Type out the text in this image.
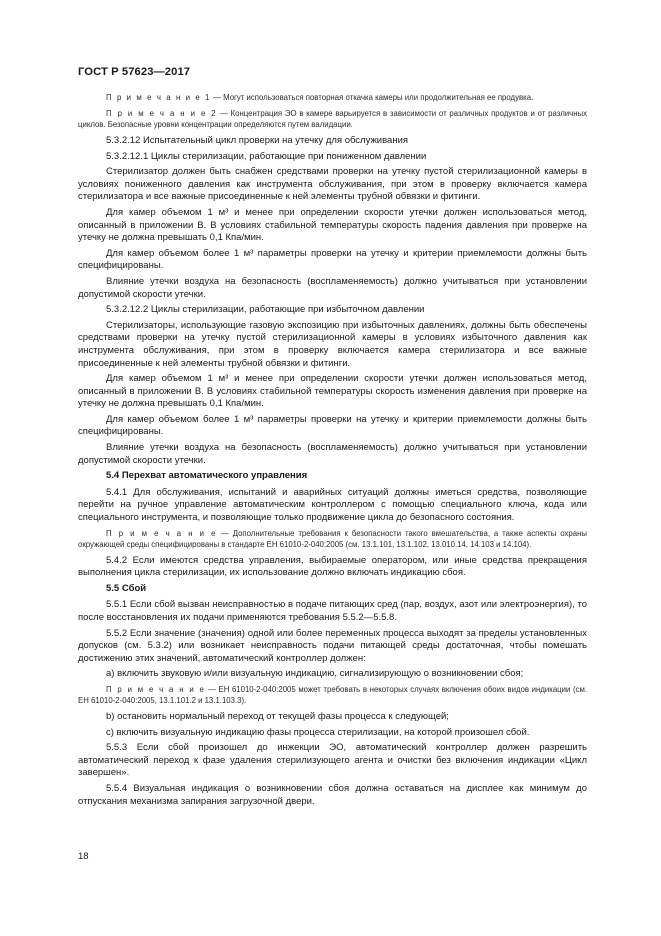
ГОСТ Р 57623—2017
П р и м е ч а н и е 1 — Могут использоваться повторная откачка камеры или продолжительная ее продувка.
П р и м е ч а н и е 2 — Концентрация ЭО в камере варьируется в зависимости от различных продуктов и от различных циклов. Безопасные уровни концентрации определяются путем валидации.
5.3.2.12 Испытательный цикл проверки на утечку для обслуживания
5.3.2.12.1 Циклы стерилизации, работающие при пониженном давлении
Стерилизатор должен быть снабжен средствами проверки на утечку пустой стерилизационной камеры в условиях пониженного давления как инструмента обслуживания, при этом в проверку включается камера стерилизатора и все важные присоединенные к ней элементы трубной обвязки и фитинги.
Для камер объемом 1 м³ и менее при определении скорости утечки должен использоваться метод, описанный в приложении В. В условиях стабильной температуры скорость падения давления при проверке на утечку не должна превышать 0,1 Кпа/мин.
Для камер объемом более 1 м³ параметры проверки на утечку и критерии приемлемости должны быть специфицированы.
Влияние утечки воздуха на безопасность (воспламеняемость) должно учитываться при установлении допустимой скорости утечки.
5.3.2.12.2 Циклы стерилизации, работающие при избыточном давлении
Стерилизаторы, использующие газовую экспозицию при избыточных давлениях, должны быть обеспечены средствами проверки на утечку пустой стерилизационной камеры в условиях избыточного давления как инструмента обслуживания, при этом в проверку включается камера стерилизатора и все важные присоединенные к ней элементы трубной обвязки и фитинги.
Для камер объемом 1 м³ и менее при определении скорости утечки должен использоваться метод, описанный в приложении В. В условиях стабильной температуры скорость изменения давления при проверке на утечку не должна превышать 0,1 Кпа/мин.
Для камер объемом более 1 м³ параметры проверки на утечку и критерии приемлемости должны быть специфицированы.
Влияние утечки воздуха на безопасность (воспламеняемость) должно учитываться при установлении допустимой скорости утечки.
5.4 Перехват автоматического управления
5.4.1 Для обслуживания, испытаний и аварийных ситуаций должны иметься средства, позволяющие перейти на ручное управление автоматическим контроллером с помощью специального ключа, кода или специального инструмента, и позволяющие только продвижение цикла до безопасного состояния.
П р и м е ч а н и е — Дополнительные требования к безопасности такого вмешательства, а также аспекты охраны окружающей среды специфицированы в стандарте ЕН 61010-2-040:2005 (см. 13.1.101, 13.1.102, 13.010.14, 14.103 и 14.104).
5.4.2 Если имеются средства управления, выбираемые оператором, или иные средства прекращения выполнения цикла стерилизации, их использование должно включать индикацию сбоя.
5.5 Сбой
5.5.1 Если сбой вызван неисправностью в подаче питающих сред (пар, воздух, азот или электроэнергия), то после восстановления их подачи применяются требования 5.5.2—5.5.8.
5.5.2 Если значение (значения) одной или более переменных процесса выходят за пределы установленных допусков (см. 5.3.2) или возникает неисправность подачи питающей среды достаточная, чтобы помешать достижению этих значений, автоматический контроллер должен:
а) включить звуковую и/или визуальную индикацию, сигнализирующую о возникновении сбоя;
П р и м е ч а н и е — ЕН 61010-2-040:2005 может требовать в некоторых случаях включения обоих видов индикации (см. ЕН 61010-2-040:2005, 13.1.101.2 и 13.1.103.3).
b) остановить нормальный переход от текущей фазы процесса к следующей;
с) включить визуальную индикацию фазы процесса стерилизации, на которой произошел сбой.
5.5.3 Если сбой произошел до инжекции ЭО, автоматический контроллер должен разрешить автоматический переход к фазе удаления стерилизующего агента и очистки без включения индикации «Цикл завершен».
5.5.4 Визуальная индикация о возникновении сбоя должна оставаться на дисплее как минимум до отпускания механизма запирания загрузочной двери.
18
